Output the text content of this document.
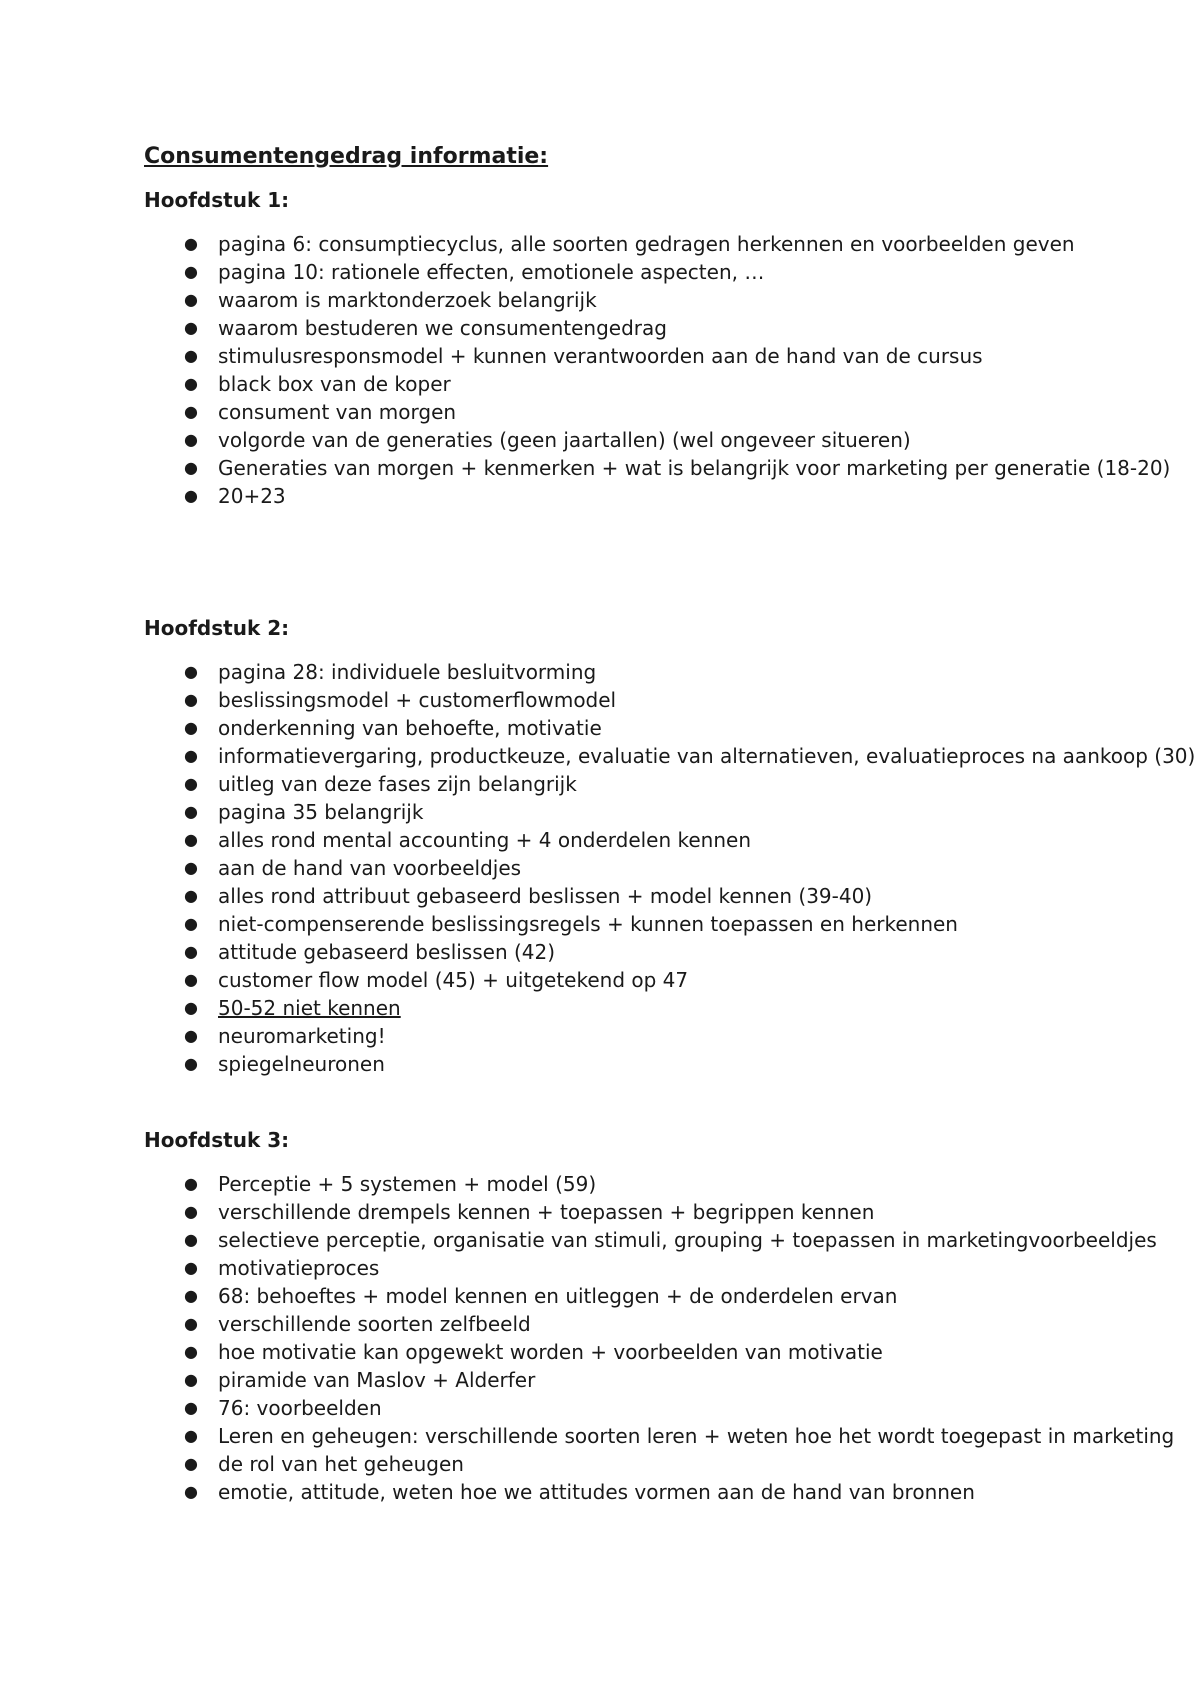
Consumentengedrag informatie:
Hoofdstuk 1:
● pagina 6: consumptiecyclus, alle soorten gedragen herkennen en voorbeelden geven
● pagina 10: rationele effecten, emotionele aspecten, …
● waarom is marktonderzoek belangrijk
● waarom bestuderen we consumentengedrag
● stimulusresponsmodel + kunnen verantwoorden aan de hand van de cursus
● black box van de koper
● consument van morgen
● volgorde van de generaties (geen jaartallen) (wel ongeveer situeren)
● Generaties van morgen + kenmerken + wat is belangrijk voor marketing per generatie (18-20)
● 20+23
Hoofdstuk 2:
● pagina 28: individuele besluitvorming
● beslissingsmodel + customerflowmodel
● onderkenning van behoefte, motivatie
● informatievergaring, productkeuze, evaluatie van alternatieven, evaluatieproces na aankoop (30)
● uitleg van deze fases zijn belangrijk
● pagina 35 belangrijk
● alles rond mental accounting + 4 onderdelen kennen
● aan de hand van voorbeeldjes
● alles rond attribuut gebaseerd beslissen + model kennen (39-40)
● niet-compenserende beslissingsregels + kunnen toepassen en herkennen
● attitude gebaseerd beslissen (42)
● customer flow model (45) + uitgetekend op 47
● 50-52 niet kennen
● neuromarketing!
● spiegelneuronen
Hoofdstuk 3:
● Perceptie + 5 systemen + model (59)
● verschillende drempels kennen + toepassen + begrippen kennen
● selectieve perceptie, organisatie van stimuli, grouping + toepassen in marketingvoorbeeldjes
● motivatieproces
● 68: behoeftes + model kennen en uitleggen + de onderdelen ervan
● verschillende soorten zelfbeeld
● hoe motivatie kan opgewekt worden + voorbeelden van motivatie
● piramide van Maslov + Alderfer
● 76: voorbeelden
● Leren en geheugen: verschillende soorten leren + weten hoe het wordt toegepast in marketing
● de rol van het geheugen
● emotie, attitude, weten hoe we attitudes vormen aan de hand van bronnen
